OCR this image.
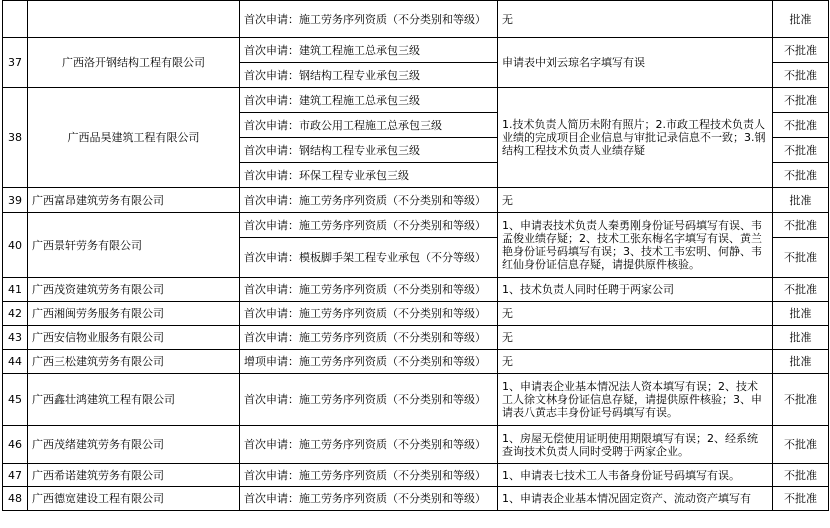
		首次申请：施工劳务序列资质（不分类别和等级）	无	批准
37	广西洛开钢结构工程有限公司	首次申请：建筑工程施工总承包三级	申请表中刘云琼名字填写有误	不批准
		首次申请：钢结构工程专业承包三级		不批准
38	广西品昊建筑工程有限公司	首次申请：建筑工程施工总承包三级	1.技术负责人简历未附有照片；2.市政工程技术负责人业绩的完成项目企业信息与审批记录信息不一致；3.钢结构工程技术负责人业绩存疑	不批准
		首次申请：市政公用工程施工总承包三级		不批准
		首次申请：钢结构工程专业承包三级		不批准
		首次申请：环保工程专业承包三级		不批准
39	广西富昂建筑劳务有限公司	首次申请：施工劳务序列资质（不分类别和等级）	无	批准
40	广西景轩劳务有限公司	首次申请：施工劳务序列资质（不分类别和等级）	1、申请表技术负责人秦勇刚身份证号码填写有误、韦孟俊业绩存疑；2、技术工张东梅名字填写有误、黄兰艳身份证号码填写有误；3、技术工韦宏明、何静、韦红仙身份证信息存疑，请提供原件核验。	不批准
		首次申请：模板脚手架工程专业承包（不分等级）		不批准
41	广西茂资建筑劳务有限公司	首次申请：施工劳务序列资质（不分类别和等级）	1、技术负责人同时任聘于两家公司	不批准
42	广西湘闽劳务服务有限公司	首次申请：施工劳务序列资质（不分类别和等级）	无	批准
43	广西安信物业服务有限公司	首次申请：施工劳务序列资质（不分类别和等级）	无	批准
44	广西三松建筑劳务有限公司	增项申请：施工劳务序列资质（不分类别和等级）	无	批准
45	广西鑫壮鸿建筑工程有限公司	首次申请：施工劳务序列资质（不分类别和等级）	1、申请表企业基本情况法人资本填写有误；2、技术工人徐文林身份证信息存疑，请提供原件核验；3、申请表八黄志丰身份证号码填写有误。	不批准
46	广西茂绪建筑劳务有限公司	首次申请：施工劳务序列资质（不分类别和等级）	1、房屋无偿使用证明使用期限填写有误；2、经系统查询技术负责人同时受聘于两家企业。	不批准
47	广西希诺建筑劳务有限公司	首次申请：施工劳务序列资质（不分类别和等级）	1、申请表七技术工人韦备身份证号码填写有误。	不批准
48	广西德宽建设工程有限公司	首次申请：施工劳务序列资质（不分类别和等级）	1、申请表企业基本情况固定资产、流动资产填写有	不批准
